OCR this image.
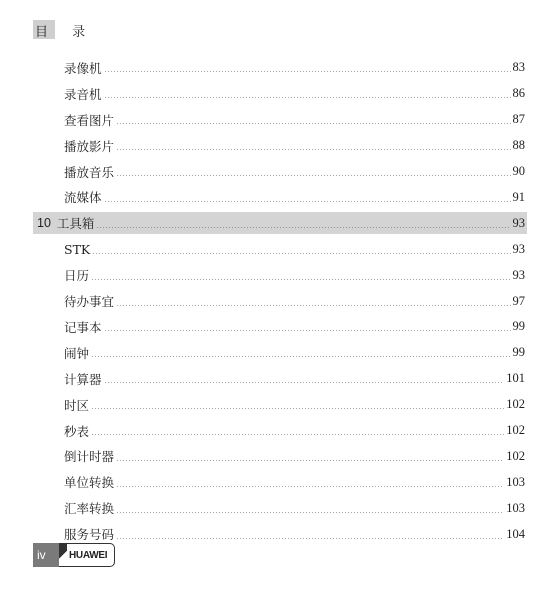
目 录
录像机	83
录音机	86
查看图片	87
播放影片	88
播放音乐	90
流媒体	91
10 工具箱	93
STK	93
日历	93
待办事宜	97
记事本	99
闹钟	99
计算器	101
时区	102
秒表	102
倒计时器	102
单位转换	103
汇率转换	103
服务号码	104
iv	HUAWEI
